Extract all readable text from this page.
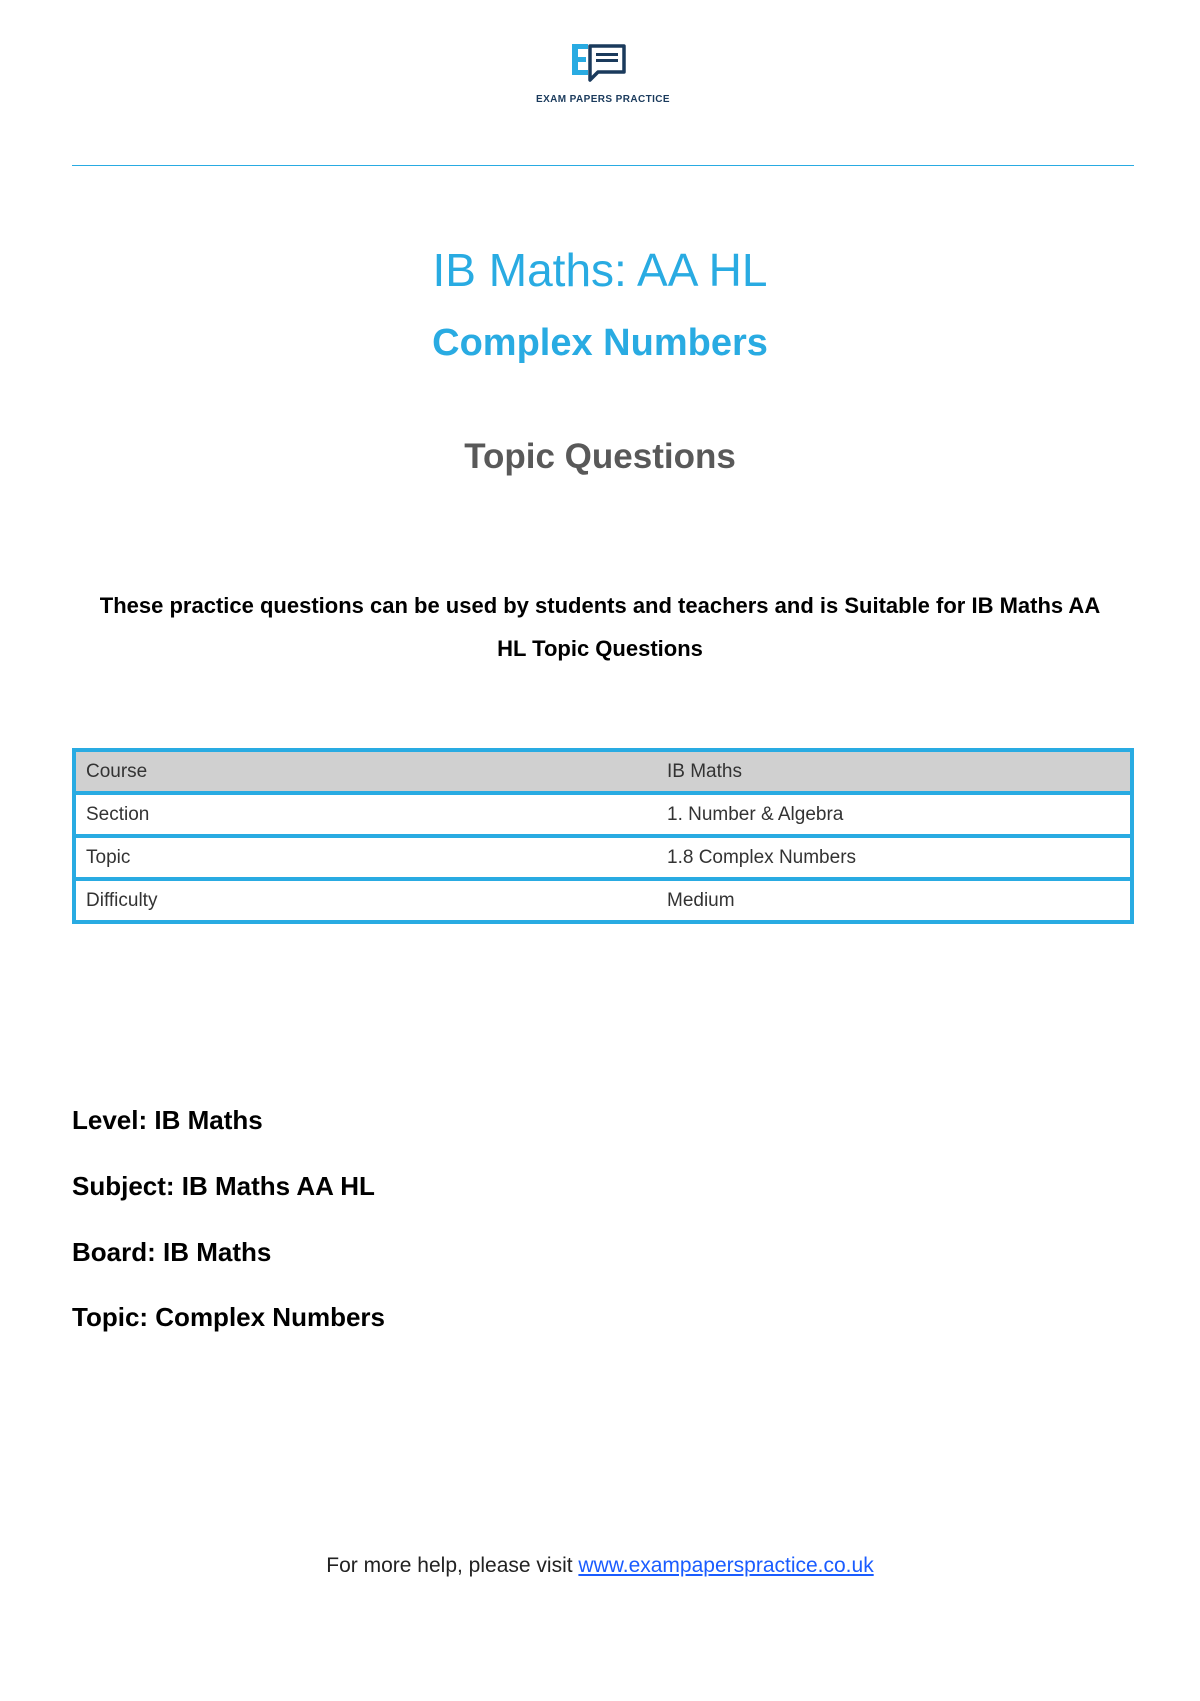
EXAM PAPERS PRACTICE
IB Maths: AA HL
Complex Numbers
Topic Questions
These practice questions can be used by students and teachers and is Suitable for IB Maths AA HL Topic Questions
Course	IB Maths
Section	1. Number & Algebra
Topic	1.8 Complex Numbers
Difficulty	Medium
Level: IB Maths
Subject: IB Maths AA HL
Board: IB Maths
Topic: Complex Numbers
For more help, please visit www.exampaperspractice.co.uk
